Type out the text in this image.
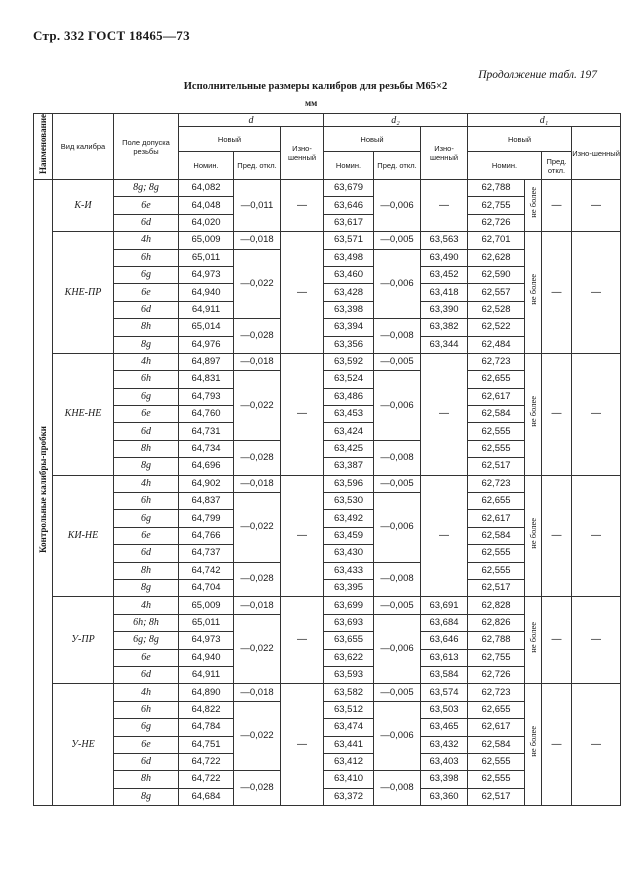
Стр. 332 ГОСТ 18465—73
Продолжение табл. 197
Исполнительные размеры калибров для резьбы М65×2
мм
Наименование	Вид калибра	Поле допуска резьбы	d			d₂			d₁			
			Новый		Изно-шенный	Новый		Изно-шенный	Новый			Изно-шенный
			Номин.	Пред. откл.		Номин.	Пред. откл.		Номин.		Пред. откл.	
Контрольные калибры-пробки	К-И	8g; 8g	64,082	—0,011	—	63,679	—0,006	—	62,788	не более	—	—
		6e	64,048			63,646			62,755			
		6d	64,020			63,617			62,726			
	КНЕ-ПР	4h	65,009	—0,018	—	63,571	—0,005	63,563	62,701	не более	—	—
		6h	65,011	—0,022		63,498	—0,006	63,490	62,628			
		6g	64,973			63,460		63,452	62,590			
		6e	64,940			63,428		63,418	62,557			
		6d	64,911			63,398		63,390	62,528			
		8h	65,014	—0,028		63,394	—0,008	63,382	62,522			
		8g	64,976			63,356		63,344	62,484			
	КНЕ-НЕ	4h	64,897	—0,018	—	63,592	—0,005	—	62,723	не более	—	—
		6h	64,831	—0,022		63,524	—0,006		62,655			
		6g	64,793			63,486			62,617			
		6e	64,760			63,453			62,584			
		6d	64,731			63,424			62,555			
		8h	64,734	—0,028		63,425	—0,008		62,555			
		8g	64,696			63,387			62,517			
	КИ-НЕ	4h	64,902	—0,018	—	63,596	—0,005	—	62,723	не более	—	—
		6h	64,837	—0,022		63,530	—0,006		62,655			
		6g	64,799			63,492			62,617			
		6e	64,766			63,459			62,584			
		6d	64,737			63,430			62,555			
		8h	64,742	—0,028		63,433	—0,008		62,555			
		8g	64,704			63,395			62,517			
	У-ПР	4h	65,009	—0,018	—	63,699	—0,005	63,691	62,828	не более	—	—
		6h; 8h	65,011	—0,022		63,693	—0,006	63,684	62,826			
		6g; 8g	64,973			63,655		63,646	62,788			
		6e	64,940			63,622		63,613	62,755			
		6d	64,911			63,593		63,584	62,726			
	У-НЕ	4h	64,890	—0,018	—	63,582	—0,005	63,574	62,723	не более	—	—
		6h	64,822	—0,022		63,512	—0,006	63,503	62,655			
		6g	64,784			63,474		63,465	62,617			
		6e	64,751			63,441		63,432	62,584			
		6d	64,722			63,412		63,403	62,555			
		8h	64,722	—0,028		63,410	—0,008	63,398	62,555			
		8g	64,684			63,372		63,360	62,517			
